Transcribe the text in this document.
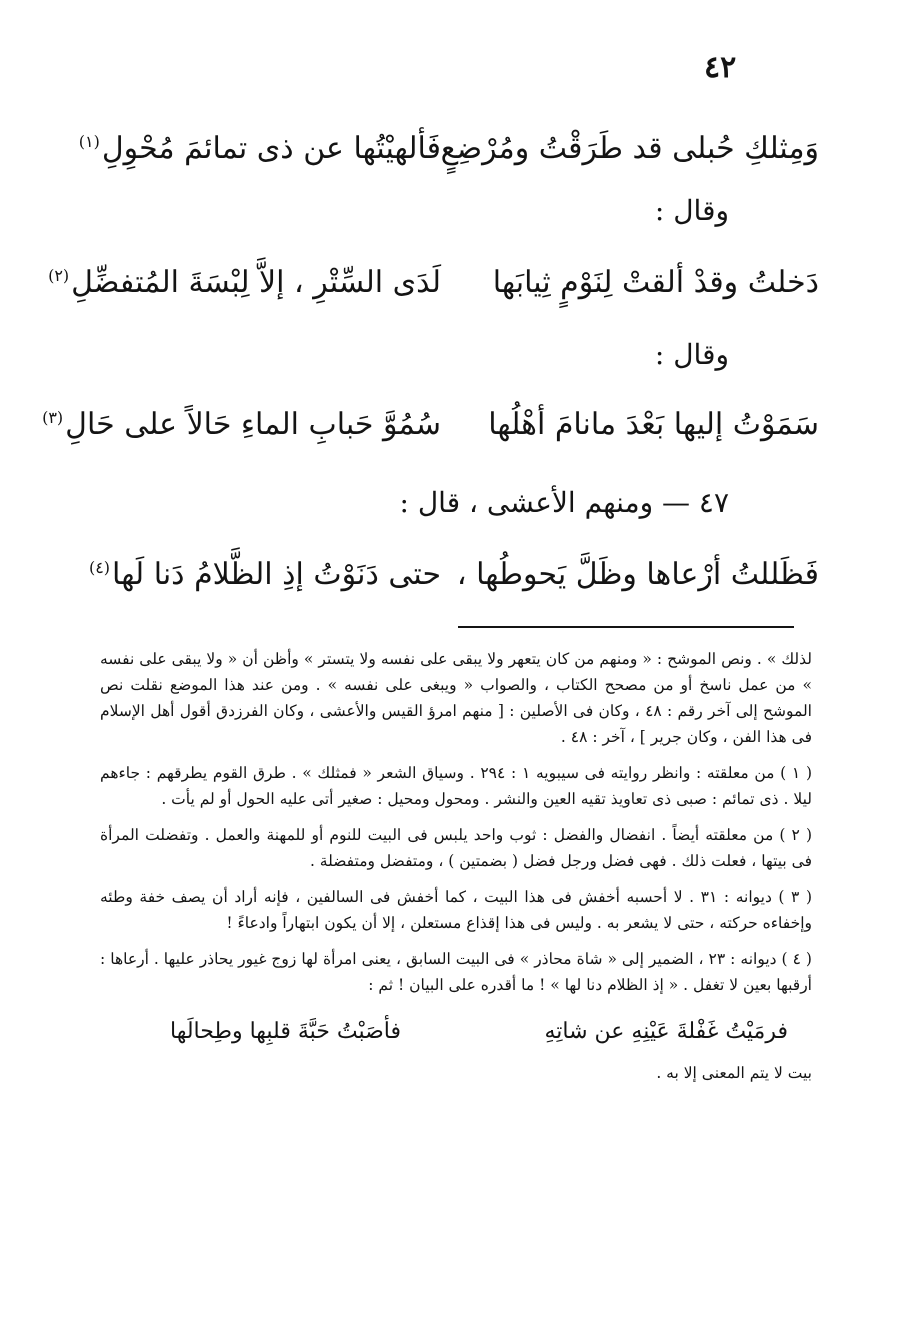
٤٢
وَمِثلكِ حُبلى قد طَرَقْتُ ومُرْضِعٍ
فَألهيْتُها عن ذى تمائمَ مُحْوِلِ$^{(١)}$
وقال :
دَخلتُ وقدْ ألقتْ لِنَوْمٍ ثِيابَها
لَدَى السِّتْرِ ، إلاَّ لِبْسَةَ المُتفضِّلِ$^{(٢)}$
وقال :
سَمَوْتُ إليها بَعْدَ مانامَ أهْلُها
سُمُوَّ حَبابِ الماءِ حَالاً على حَالِ$^{(٣)}$
٤٧ — ومنهم الأعشى ، قال :
فَظَللتُ أرْعاها وظَلَّ يَحوطُها ،
حتى دَنَوْتُ إذِ الظَّلامُ دَنا لَها$^{(٤)}$

لذلك » . ونص الموشح : « ومنهم من كان يتعهر ولا يبقى على نفسه ولا يتستر » وأظن أن « ولا يبقى على نفسه » من عمل ناسخ أو من مصحح الكتاب ، والصواب « ويبغى على نفسه » . ومن عند هذا الموضع نقلت نص الموشح إلى آخر رقم : ٤٨ ، وكان فى الأصلين : [ منهم امرؤ القيس والأعشى ، وكان الفرزدق أقول أهل الإسلام فى هذا الفن ، وكان جرير ] ، آخر : ٤٨ .

( ١ ) من معلقته : وانظر روايته فى سيبويه ١ : ٢٩٤ . وسياق الشعر « فمثلك » . طرق القوم يطرقهم : جاءهم ليلا . ذى تمائم : صبى ذى تعاويذ تقيه العين والنشر . ومحول ومحيل : صغير أتى عليه الحول أو لم يأت .

( ٢ ) من معلقته أيضاً . انفضال والفضل : ثوب واحد يلبس فى البيت للنوم أو للمهنة والعمل . وتفضلت المرأة فى بيتها ، فعلت ذلك . فهى فضل ورجل فضل ( بضمتين ) ، ومتفضل ومتفضلة .

( ٣ ) ديوانه : ٣١ . لا أحسبه أخفش فى هذا البيت ، كما أخفش فى السالفين ، فإنه أراد أن يصف خفة وطئه وإخفاءه حركته ، حتى لا يشعر به . وليس فى هذا إقذاع مستعلن ، إلا أن يكون ابتهاراً وادعاءً !

( ٤ ) ديوانه : ٢٣ ، الضمير إلى « شاة محاذر » فى البيت السابق ، يعنى امرأة لها زوج غيور يحاذر عليها . أرعاها : أرقبها بعين لا تغفل . « إذ الظلام دنا لها » ! ما أقدره على البيان ! ثم :

فرمَيْتُ غَفْلةَ عَيْنِهِ عن شاتِهِ
فأصَبْتُ حَبَّةَ قلبِها وطِحالَها

بيت لا يتم المعنى إلا به .
